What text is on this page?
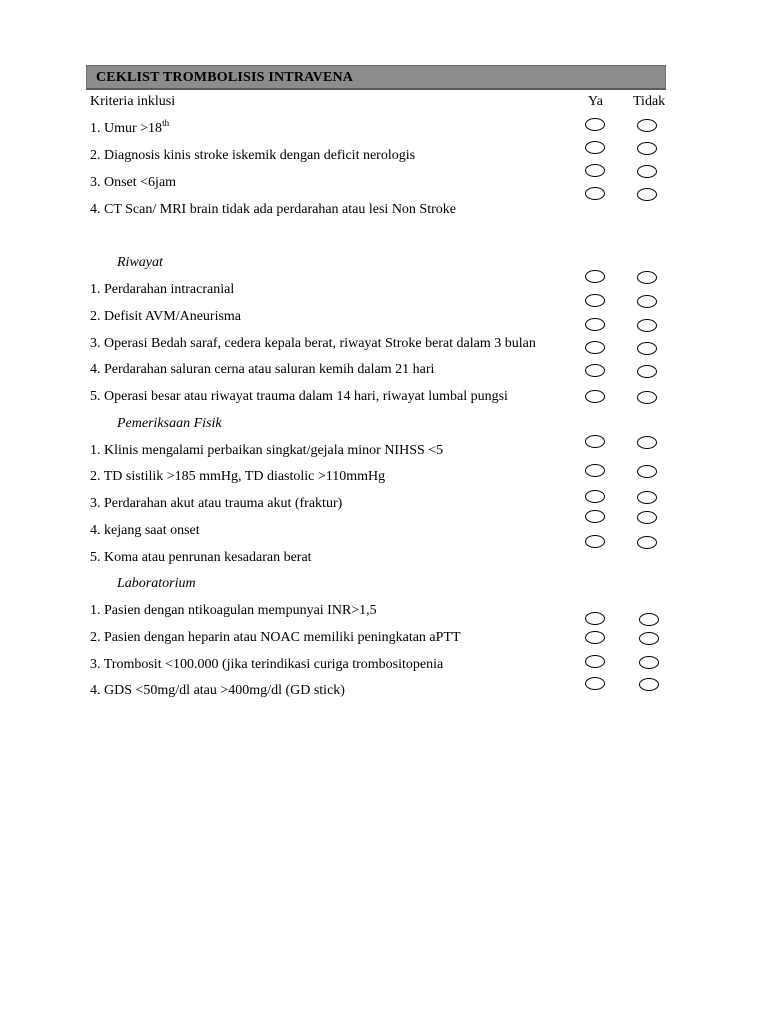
CEKLIST TROMBOLISIS INTRAVENA
Kriteria inklusi	Ya Tidak
1. Umur >18th
2. Diagnosis kinis stroke iskemik dengan deficit nerologis
3. Onset <6jam
4. CT Scan/ MRI brain tidak ada perdarahan atau lesi Non Stroke
Riwayat
1. Perdarahan intracranial
2. Defisit AVM/Aneurisma
3. Operasi Bedah saraf, cedera kepala berat, riwayat Stroke berat dalam 3 bulan
4. Perdarahan saluran cerna atau saluran kemih dalam 21 hari
5. Operasi besar atau riwayat trauma dalam 14 hari, riwayat lumbal pungsi
Pemeriksaan Fisik
1. Klinis mengalami perbaikan singkat/gejala minor NIHSS <5
2. TD sistilik >185 mmHg, TD diastolic >110mmHg
3. Perdarahan akut atau trauma akut (fraktur)
4. kejang saat onset
5. Koma atau penrunan kesadaran berat
Laboratorium
1. Pasien dengan ntikoagulan mempunyai INR>1,5
2. Pasien dengan heparin atau NOAC memiliki peningkatan aPTT
3. Trombosit <100.000 (jika terindikasi curiga trombositopenia
4. GDS <50mg/dl atau >400mg/dl (GD stick)
